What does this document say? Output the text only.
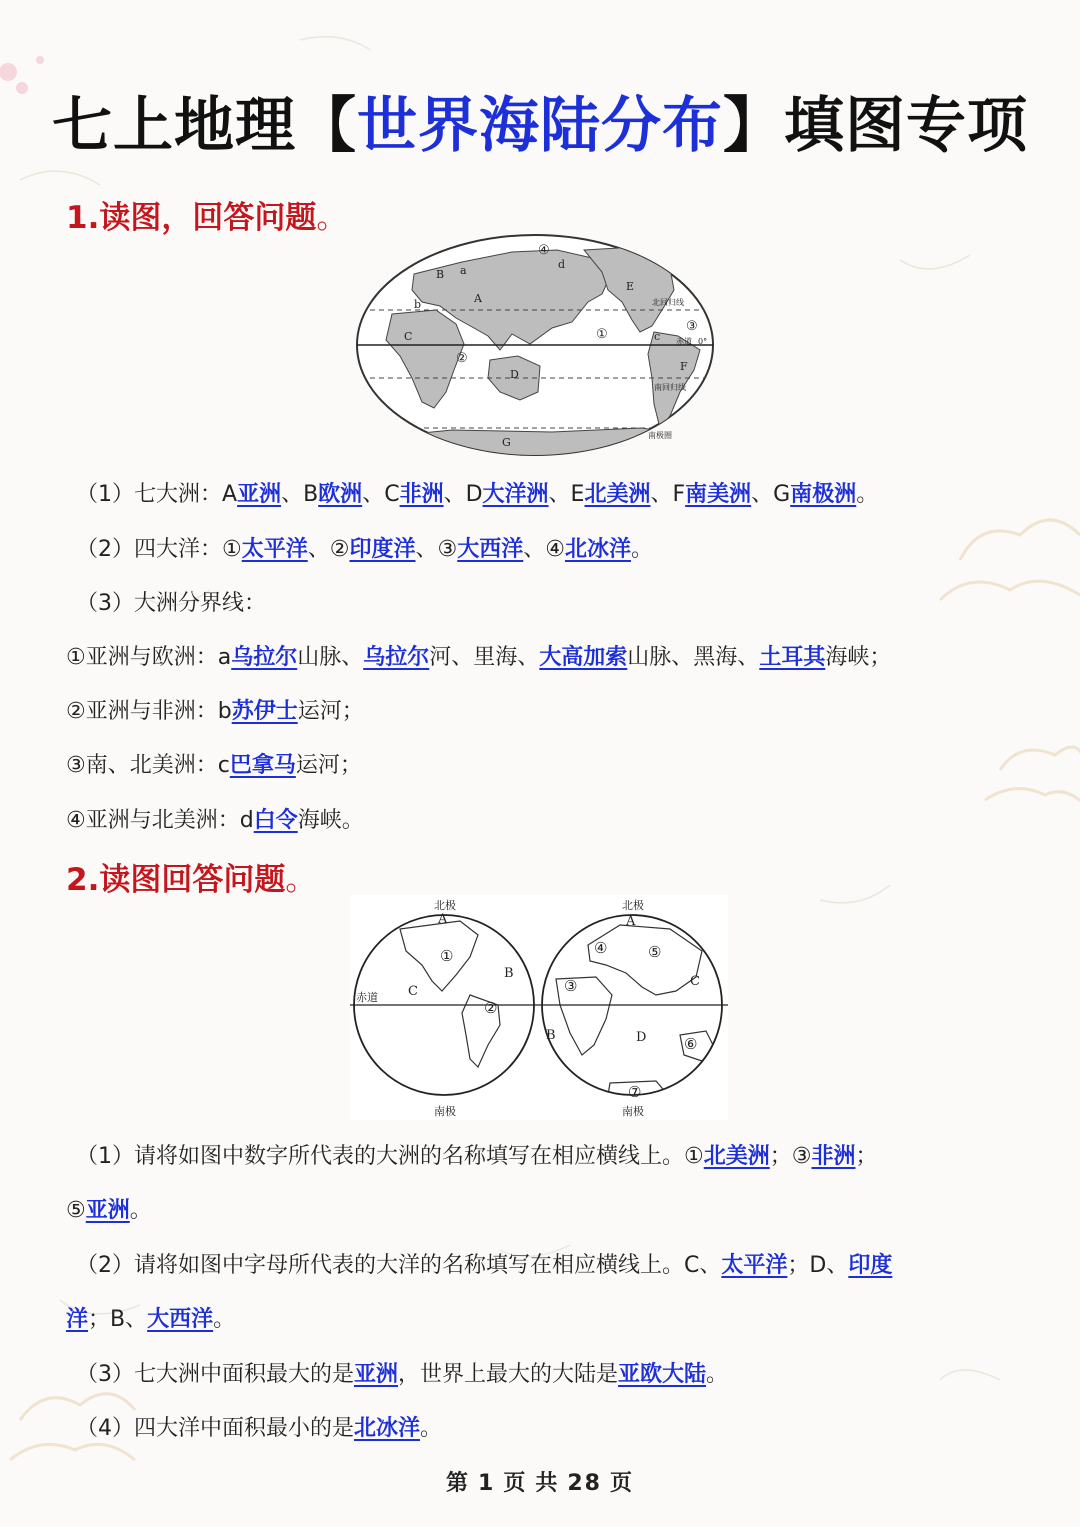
七上地理【世界海陆分布】填图专项
1.读图，回答问题。
A
B
C
D
E
F
G
a
b
c
d
①
②
③
④
北回归线
赤道 0°
南回归线
南极圈
（1）七大洲：A亚洲、B欧洲、C非洲、D大洋洲、E北美洲、F南美洲、G南极洲。
（2）四大洋：①太平洋、②印度洋、③大西洋、④北冰洋。
（3）大洲分界线：
①亚洲与欧洲：a乌拉尔山脉、乌拉尔河、里海、大高加索山脉、黑海、土耳其海峡；
②亚洲与非洲：b苏伊士运河；
③南、北美洲：c巴拿马运河；
④亚洲与北美洲：d白令海峡。
2.读图回答问题。
北极	北极
南极	南极
赤道
A
B
C
①
②
A
B
C
D
③
④	⑤
⑥
⑦
（1）请将如图中数字所代表的大洲的名称填写在相应横线上。①北美洲；③非洲；
⑤亚洲。
（2）请将如图中字母所代表的大洋的名称填写在相应横线上。C、太平洋；D、印度
洋；B、大西洋。
（3）七大洲中面积最大的是亚洲，世界上最大的大陆是亚欧大陆。
（4）四大洋中面积最小的是北冰洋。
第 1 页 共 28 页
